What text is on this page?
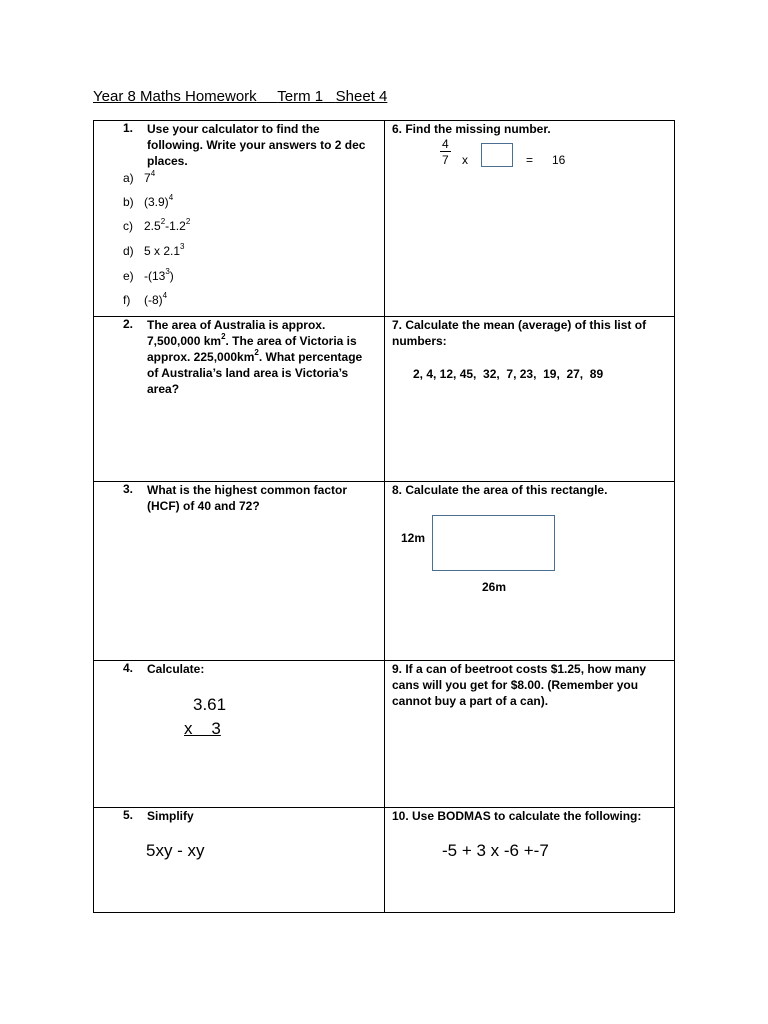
Year 8 Maths Homework Term 1 Sheet 4
1. Use your calculator to find the following. Write your answers to 2 dec places.
a) $7^4$
b) $(3.9)^4$
c) $2.5^2-1.2^2$
d) 5 x $2.1^3$
e) $-(13^3)$
f) $(-8)^4$
6. Find the missing number.
4
7 x	= 16
2. The area of Australia is approx.
7,500,000 $km^2$. The area of Victoria is
approx. $225,000km^2$. What percentage
of Australia’s land area is Victoria’s
area?
7. Calculate the mean (average) of this list of numbers:
2, 4, 12, 45,  32,  7, 23,  19,  27,  89
3. What is the highest common factor (HCF) of 40 and 72?
8. Calculate the area of this rectangle.
12m
26m
4. Calculate:
3.61
x    3
9. If a can of beetroot costs $1.25, how many cans will you get for $8.00. (Remember you cannot buy a part of a can).
5. Simplify
5xy - xy
10. Use BODMAS to calculate the following:
-5 + 3 x -6 +-7
